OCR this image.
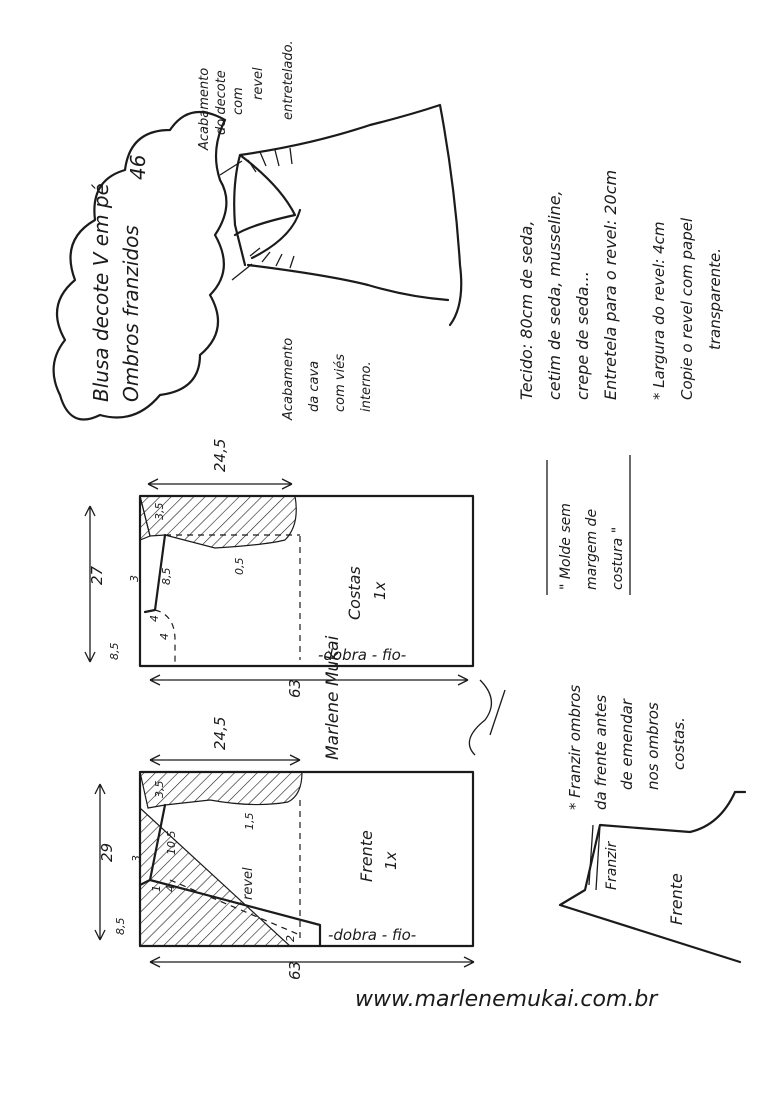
Blusa decote V em pé Ombros franzidos
46
Acabamento do decote com
revel entretelado.
Acabamento da cava com viés interno.	Tecido: 80cm de seda, cetim de seda, musseline, crepe de seda... Entretela para o revel: 20cm * Largura do revel: 4cm Copie o revel com papel transparente.
" Molde sem margem de costura "
24,5
27
3,5
8,5
0,5
3
4
4
8,5
Costas 1x
-dobra - fio-
63 Marlene Mukai
24,5
29
3,5
10,5
1,5
3
1 4
8,5
2
revel
Frente 1x
-dobra - fio-
63
* Franzir ombros da frente antes de emendar nos ombros costas.
Franzir
Frente
www.marlenemukai.com.br
